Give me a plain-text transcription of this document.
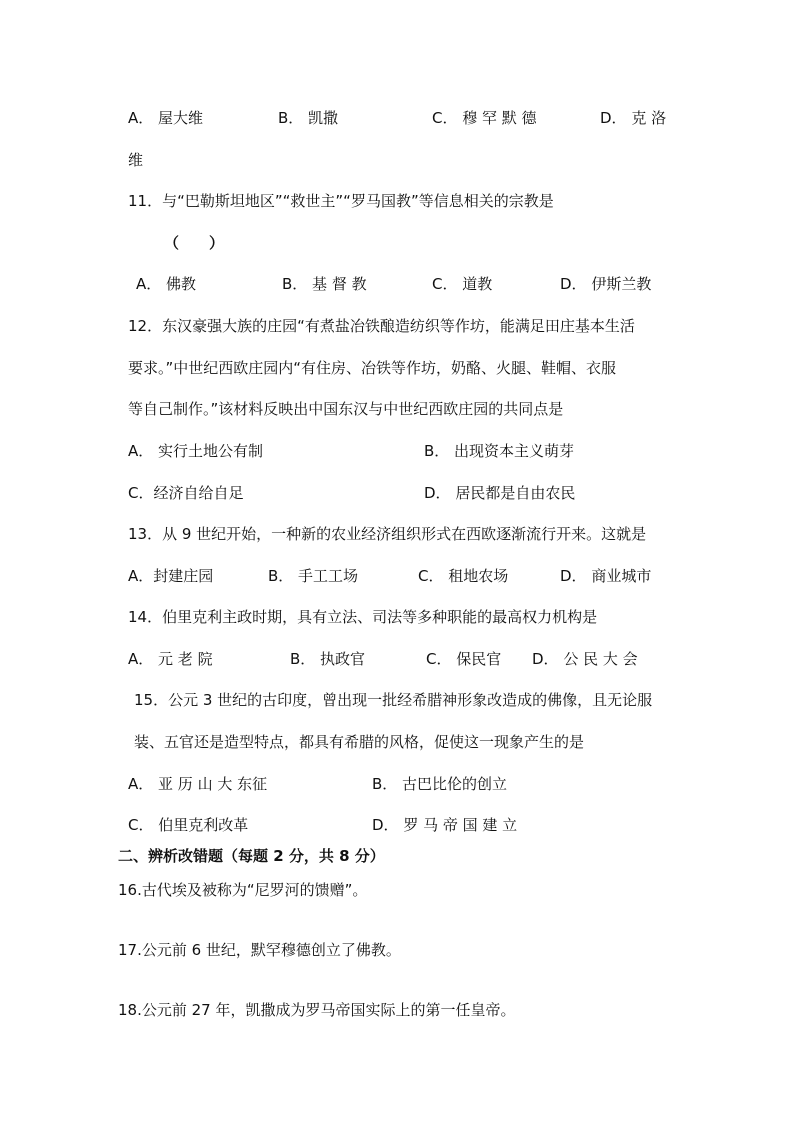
A． 屋大维	B． 凯撒	C． 穆 罕 默 德	D． 克 洛
维
11．与“巴勒斯坦地区”“救世主”“罗马国教”等信息相关的宗教是
（　　）
A． 佛教	B． 基 督 教	C． 道教	D． 伊斯兰教
12．东汉豪强大族的庄园“有煮盐冶铁酿造纺织等作坊，能满足田庄基本生活
要求。”中世纪西欧庄园内“有住房、冶铁等作坊，奶酪、火腿、鞋帽、衣服
等自己制作。”该材料反映出中国东汉与中世纪西欧庄园的共同点是
A． 实行土地公有制	B． 出现资本主义萌芽
C．经济自给自足	D． 居民都是自由农民
13．从 9 世纪开始，一种新的农业经济组织形式在西欧逐渐流行开来。这就是
A．封建庄园	B． 手工工场	C． 租地农场	D． 商业城市
14．伯里克利主政时期，具有立法、司法等多种职能的最高权力机构是
A． 元 老 院	B． 执政官	C． 保民官 D． 公 民 大 会
15．公元 3 世纪的古印度，曾出现一批经希腊神形象改造成的佛像，且无论服
装、五官还是造型特点，都具有希腊的风格，促使这一现象产生的是
A． 亚 历 山 大 东征	B． 古巴比伦的创立
C． 伯里克利改革	D． 罗 马 帝 国 建 立
二、辨析改错题（每题 2 分，共 8 分）
16.古代埃及被称为“尼罗河的馈赠”。
17.公元前 6 世纪，默罕穆德创立了佛教。
18.公元前 27 年，凯撒成为罗马帝国实际上的第一任皇帝。
